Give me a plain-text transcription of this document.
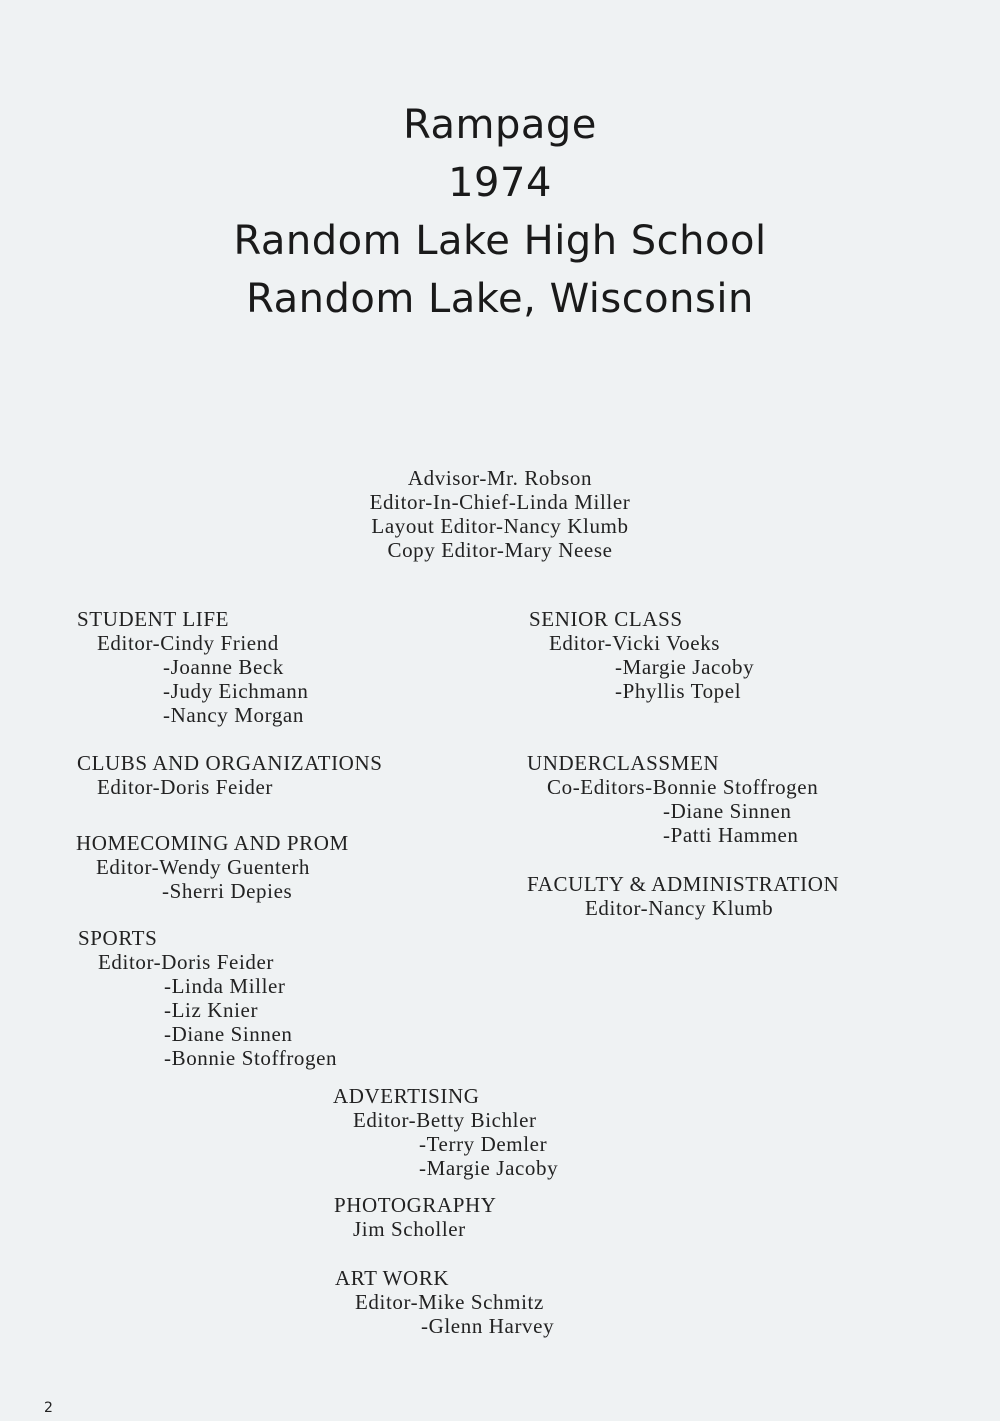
Rampage
1974
Random Lake High School
Random Lake, Wisconsin
Advisor-Mr. Robson
Editor-In-Chief-Linda Miller
Layout Editor-Nancy Klumb
Copy Editor-Mary Neese
STUDENT LIFE
Editor-Cindy Friend
-Joanne Beck
-Judy Eichmann
-Nancy Morgan
CLUBS AND ORGANIZATIONS
Editor-Doris Feider
HOMECOMING AND PROM
Editor-Wendy Guenterh
-Sherri Depies
SPORTS
Editor-Doris Feider
-Linda Miller
-Liz Knier
-Diane Sinnen
-Bonnie Stoffrogen
SENIOR CLASS
Editor-Vicki Voeks
-Margie Jacoby
-Phyllis Topel
UNDERCLASSMEN
Co-Editors-Bonnie Stoffrogen
-Diane Sinnen
-Patti Hammen
FACULTY & ADMINISTRATION
Editor-Nancy Klumb
ADVERTISING
Editor-Betty Bichler
-Terry Demler
-Margie Jacoby
PHOTOGRAPHY
Jim Scholler
ART WORK
Editor-Mike Schmitz
-Glenn Harvey
2
